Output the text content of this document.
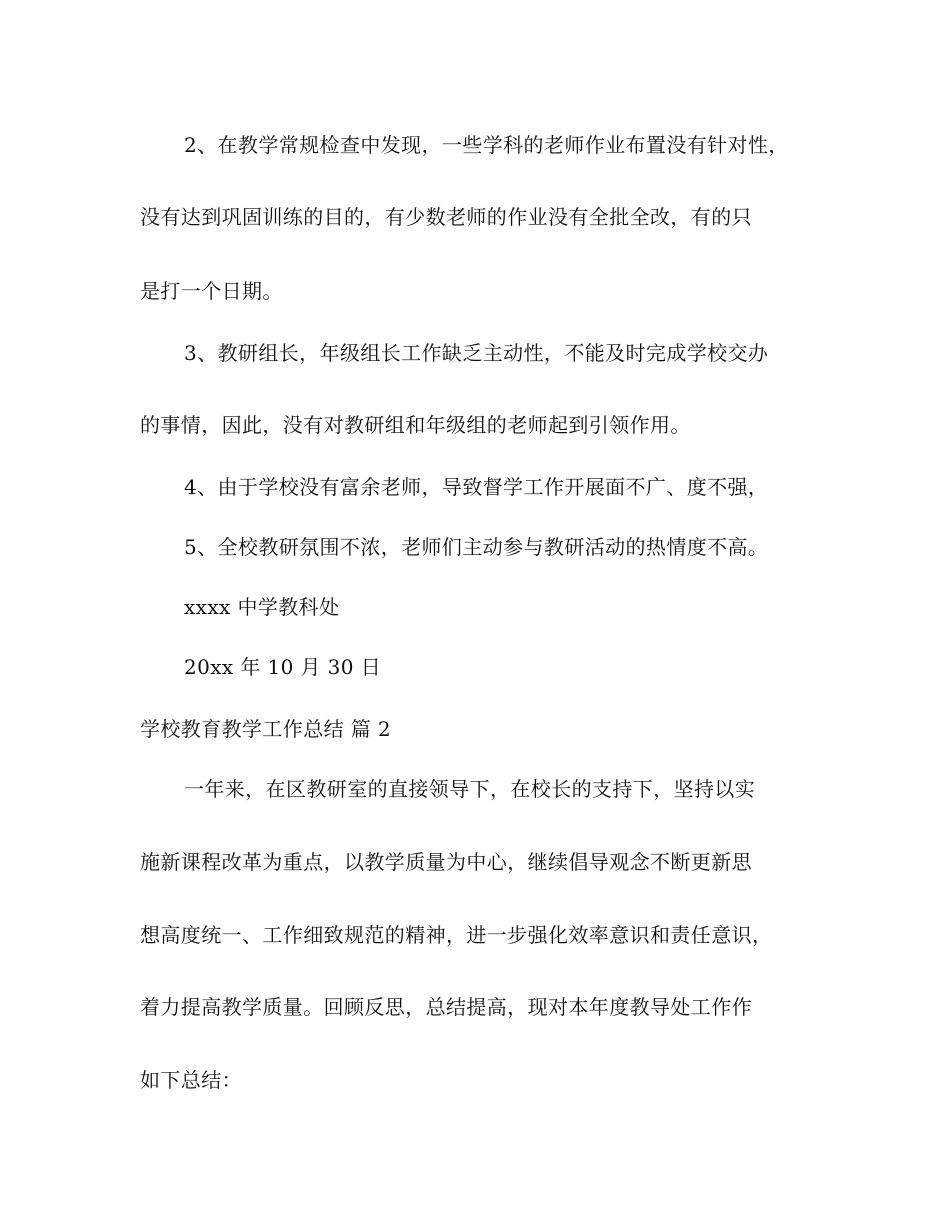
2、在教学常规检查中发现，一些学科的老师作业布置没有针对性，
没有达到巩固训练的目的，有少数老师的作业没有全批全改，有的只
是打一个日期。
3、教研组长，年级组长工作缺乏主动性，不能及时完成学校交办
的事情，因此，没有对教研组和年级组的老师起到引领作用。
4、由于学校没有富余老师，导致督学工作开展面不广、度不强，
5、全校教研氛围不浓，老师们主动参与教研活动的热情度不高。
xxxx 中学教科处
20xx 年 10 月 30 日
学校教育教学工作总结 篇 2
一年来，在区教研室的直接领导下，在校长的支持下，坚持以实
施新课程改革为重点，以教学质量为中心，继续倡导观念不断更新思
想高度统一、工作细致规范的精神，进一步强化效率意识和责任意识，
着力提高教学质量。回顾反思，总结提高，现对本年度教导处工作作
如下总结：
